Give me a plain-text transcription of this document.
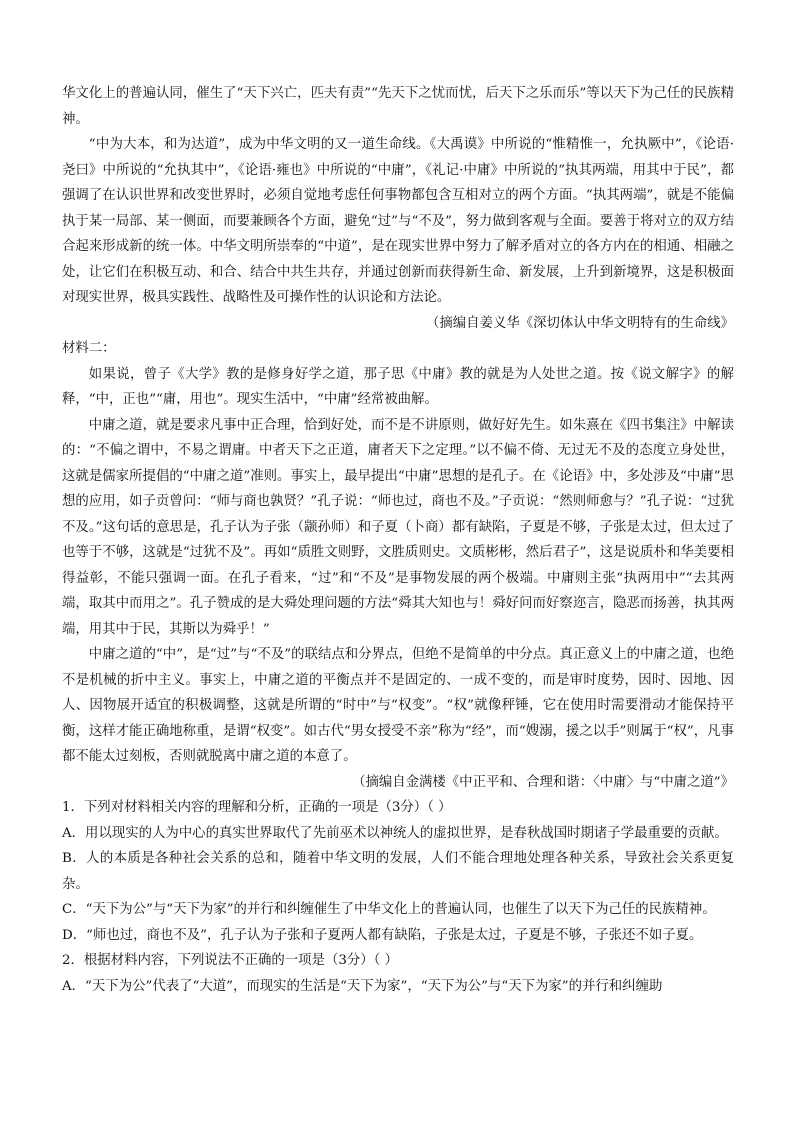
华文化上的普遍认同，催生了“天下兴亡，匹夫有责”“先天下之忧而忧，后天下之乐而乐”等以天下为己任的民族精神。

“中为大本，和为达道”，成为中华文明的又一道生命线。《大禹谟》中所说的“惟精惟一，允执厥中”，《论语·尧曰》中所说的“允执其中”，《论语·雍也》中所说的“中庸”，《礼记·中庸》中所说的“执其两端，用其中于民”，都强调了在认识世界和改变世界时，必须自觉地考虑任何事物都包含互相对立的两个方面。“执其两端”，就是不能偏执于某一局部、某一侧面，而要兼顾各个方面，避免“过”与“不及”，努力做到客观与全面。要善于将对立的双方结合起来形成新的统一体。中华文明所崇奉的“中道”，是在现实世界中努力了解矛盾对立的各方内在的相通、相融之处，让它们在积极互动、和合、结合中共生共存，并通过创新而获得新生命、新发展，上升到新境界，这是积极面对现实世界，极具实践性、战略性及可操作性的认识论和方法论。

（摘编自姜义华《深切体认中华文明特有的生命线》

材料二：

如果说，曾子《大学》教的是修身好学之道，那子思《中庸》教的就是为人处世之道。按《说文解字》的解释，“中，正也”“庸，用也”。现实生活中，“中庸”经常被曲解。

中庸之道，就是要求凡事中正合理，恰到好处，而不是不讲原则，做好好先生。如朱熹在《四书集注》中解读的：“不偏之谓中，不易之谓庸。中者天下之正道，庸者天下之定理。”以不偏不倚、无过无不及的态度立身处世，这就是儒家所提倡的“中庸之道”准则。事实上，最早提出“中庸”思想的是孔子。在《论语》中，多处涉及“中庸”思想的应用，如子贡曾问：“师与商也孰贤？”孔子说：“师也过，商也不及。”子贡说：“然则师愈与？”孔子说：“过犹不及。”这句话的意思是，孔子认为子张（颛孙师）和子夏（卜商）都有缺陷，子夏是不够，子张是太过，但太过了也等于不够，这就是“过犹不及”。再如“质胜文则野，文胜质则史。文质彬彬，然后君子”，这是说质朴和华美要相得益彰，不能只强调一面。在孔子看来，“过”和“不及”是事物发展的两个极端。中庸则主张“执两用中”“去其两端，取其中而用之”。孔子赞成的是大舜处理问题的方法“舜其大知也与！舜好问而好察迩言，隐恶而扬善，执其两端，用其中于民，其斯以为舜乎！”

中庸之道的“中”，是“过”与“不及”的联结点和分界点，但绝不是简单的中分点。真正意义上的中庸之道，也绝不是机械的折中主义。事实上，中庸之道的平衡点并不是固定的、一成不变的，而是审时度势，因时、因地、因人、因物展开适宜的积极调整，这就是所谓的“时中”与“权变”。“权”就像秤锤，它在使用时需要滑动才能保持平衡，这样才能正确地称重，是谓“权变”。如古代“男女授受不亲”称为“经”，而“嫂溺，援之以手”则属于“权”，凡事都不能太过刻板，否则就脱离中庸之道的本意了。

（摘编自金满楼《中正平和、合理和谐：〈中庸〉与“中庸之道”》

1．下列对材料相关内容的理解和分析，正确的一项是（3分）（ ）

A．用以现实的人为中心的真实世界取代了先前巫术以神统人的虚拟世界，是春秋战国时期诸子学最重要的贡献。

B．人的本质是各种社会关系的总和，随着中华文明的发展，人们不能合理地处理各种关系，导致社会关系更复杂。

C．“天下为公”与“天下为家”的并行和纠缠催生了中华文化上的普遍认同，也催生了以天下为己任的民族精神。

D．“师也过，商也不及”，孔子认为子张和子夏两人都有缺陷，子张是太过，子夏是不够，子张还不如子夏。

2．根据材料内容，下列说法不正确的一项是（3分）（ ）

A．“天下为公”代表了“大道”，而现实的生活是“天下为家”，“天下为公”与“天下为家”的并行和纠缠助
